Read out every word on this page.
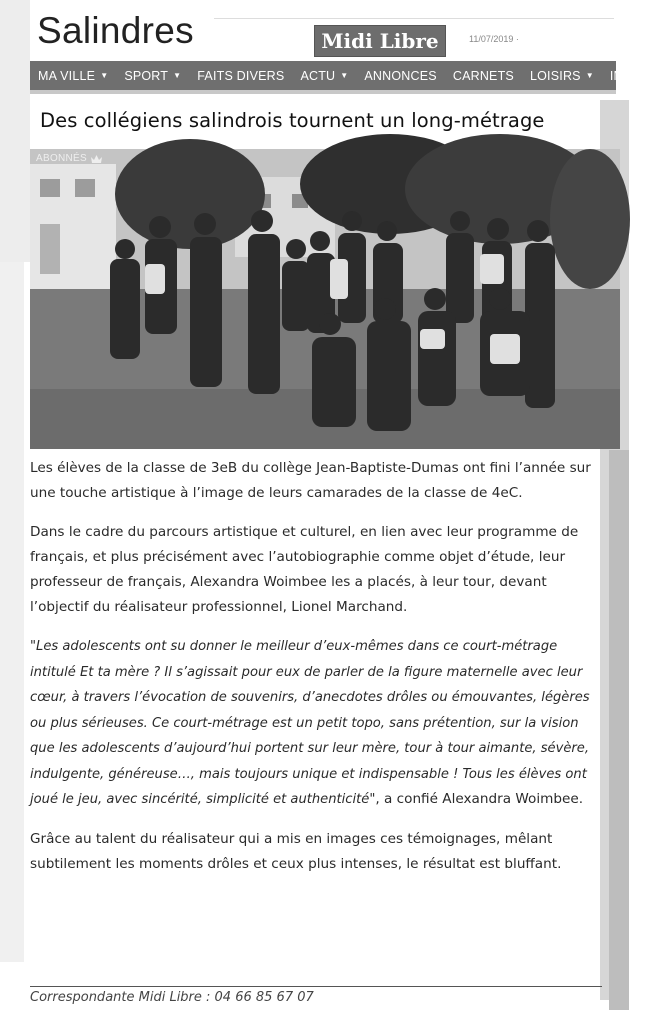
Salindres	Midi Libre	11/07/2019 ·
MA VILLE ▼ SPORT ▼ FAITS DIVERS ACTU ▼ ANNONCES CARNETS LOISIRS ▼ IMMO
Des collégiens salindrois tournent un long-métrage
ABONNÉS

Les élèves de la classe de 3eB du collège Jean-Baptiste-Dumas ont fini l’année sur une touche artistique à l’image de leurs camarades de la classe de 4eC.

Dans le cadre du parcours artistique et culturel, en lien avec leur programme de français, et plus précisément avec l’autobiographie comme objet d’étude, leur professeur de français, Alexandra Woimbee les a placés, à leur tour, devant l’objectif du réalisateur professionnel, Lionel Marchand.

"Les adolescents ont su donner le meilleur d’eux-mêmes dans ce court-métrage intitulé Et ta mère ? Il s’agissait pour eux de parler de la figure maternelle avec leur cœur, à travers l’évocation de souvenirs, d’anecdotes drôles ou émouvantes, légères ou plus sérieuses. Ce court-métrage est un petit topo, sans prétention, sur la vision que les adolescents d’aujourd’hui portent sur leur mère, tour à tour aimante, sévère, indulgente, généreuse…, mais toujours unique et indispensable ! Tous les élèves ont joué le jeu, avec sincérité, simplicité et authenticité", a confié Alexandra Woimbee.

Grâce au talent du réalisateur qui a mis en images ces témoignages, mêlant subtilement les moments drôles et ceux plus intenses, le résultat est bluffant.

Correspondante Midi Libre : 04 66 85 67 07
